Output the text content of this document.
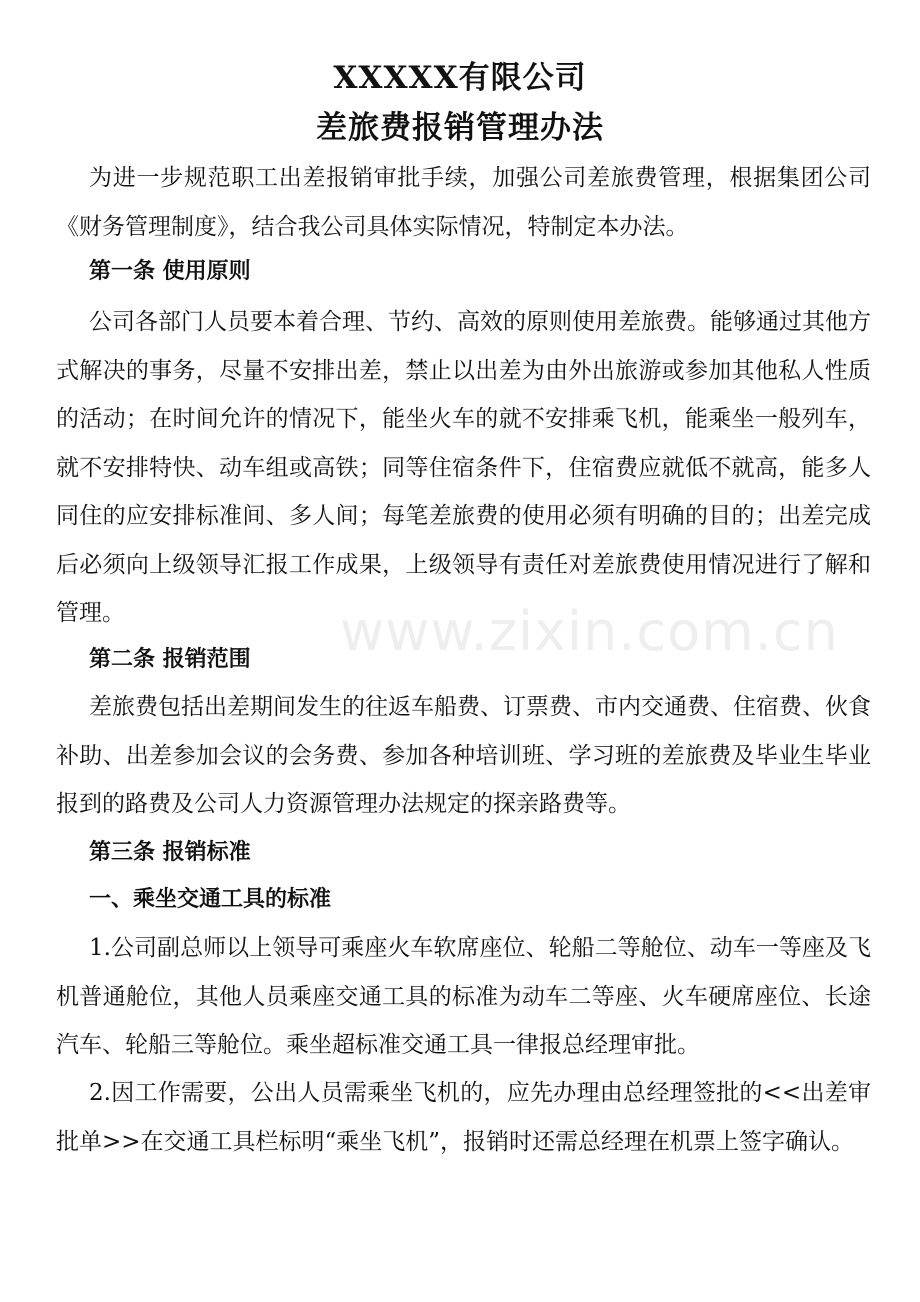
XXXXX有限公司
差旅费报销管理办法

为进一步规范职工出差报销审批手续，加强公司差旅费管理，根据集团公司《财务管理制度》，结合我公司具体实际情况，特制定本办法。

第一条 使用原则

公司各部门人员要本着合理、节约、高效的原则使用差旅费。能够通过其他方式解决的事务，尽量不安排出差，禁止以出差为由外出旅游或参加其他私人性质的活动；在时间允许的情况下，能坐火车的就不安排乘飞机，能乘坐一般列车，就不安排特快、动车组或高铁；同等住宿条件下，住宿费应就低不就高，能多人同住的应安排标准间、多人间；每笔差旅费的使用必须有明确的目的；出差完成后必须向上级领导汇报工作成果，上级领导有责任对差旅费使用情况进行了解和管理。

第二条 报销范围

差旅费包括出差期间发生的往返车船费、订票费、市内交通费、住宿费、伙食补助、出差参加会议的会务费、参加各种培训班、学习班的差旅费及毕业生毕业报到的路费及公司人力资源管理办法规定的探亲路费等。

第三条 报销标准
一、乘坐交通工具的标准

1.公司副总师以上领导可乘座火车软席座位、轮船二等舱位、动车一等座及飞机普通舱位，其他人员乘座交通工具的标准为动车二等座、火车硬席座位、长途汽车、轮船三等舱位。乘坐超标准交通工具一律报总经理审批。

2.因工作需要，公出人员需乘坐飞机的，应先办理由总经理签批的<<出差审批单>>在交通工具栏标明“乘坐飞机”，报销时还需总经理在机票上签字确认。

www.zixin.com.cn
